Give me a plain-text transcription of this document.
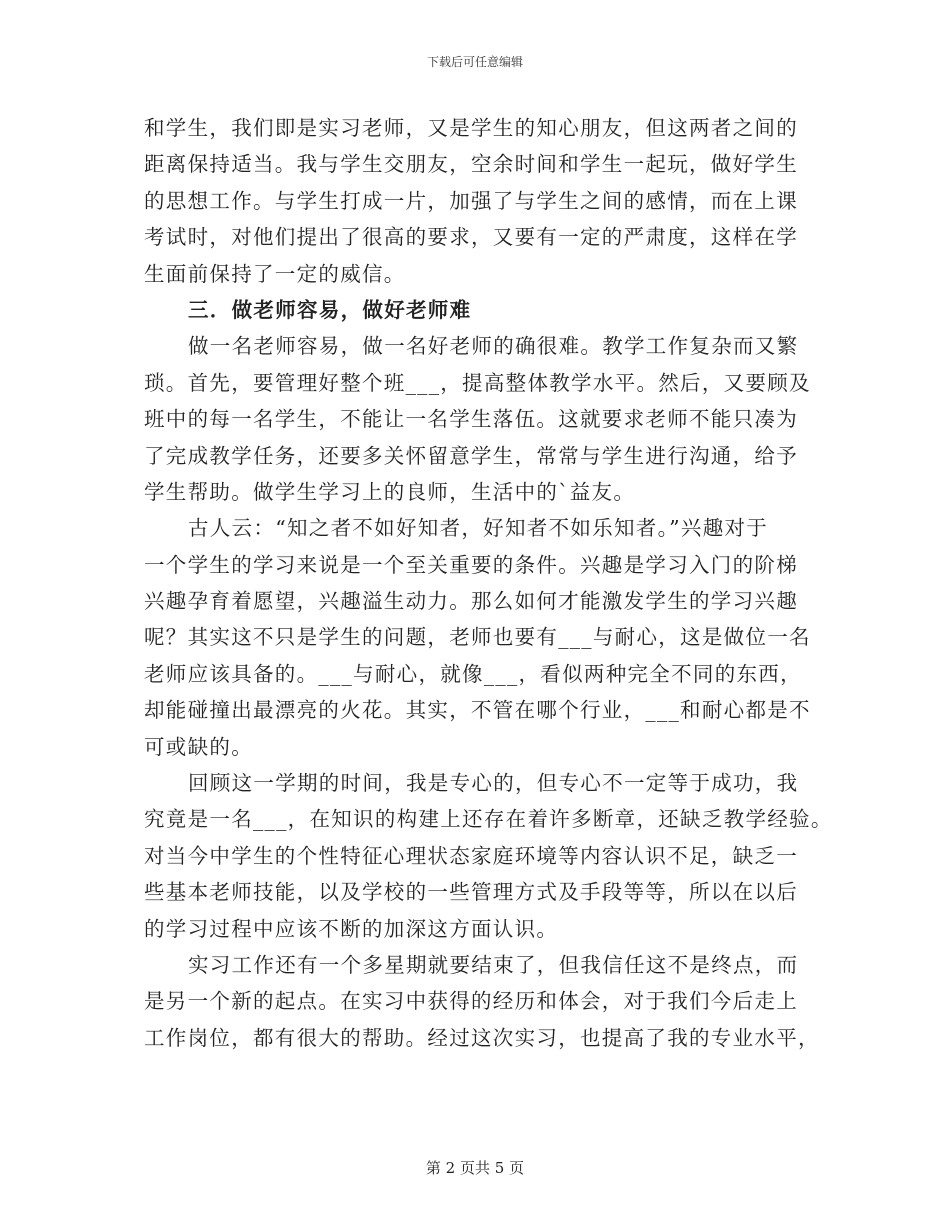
下载后可任意编辑
和学生，我们即是实习老师，又是学生的知心朋友，但这两者之间的
距离保持适当。我与学生交朋友，空余时间和学生一起玩，做好学生
的思想工作。与学生打成一片，加强了与学生之间的感情，而在上课
考试时，对他们提出了很高的要求，又要有一定的严肃度，这样在学
生面前保持了一定的威信。
三．做老师容易，做好老师难
做一名老师容易，做一名好老师的确很难。教学工作复杂而又繁
琐。首先，要管理好整个班___，提高整体教学水平。然后，又要顾及
班中的每一名学生，不能让一名学生落伍。这就要求老师不能只凑为
了完成教学任务，还要多关怀留意学生，常常与学生进行沟通，给予
学生帮助。做学生学习上的良师，生活中的`益友。
古人云：“知之者不如好知者，好知者不如乐知者。”兴趣对于
一个学生的学习来说是一个至关重要的条件。兴趣是学习入门的阶梯
兴趣孕育着愿望，兴趣溢生动力。那么如何才能激发学生的学习兴趣
呢？其实这不只是学生的问题，老师也要有___与耐心，这是做位一名
老师应该具备的。___与耐心，就像___，看似两种完全不同的东西，
却能碰撞出最漂亮的火花。其实，不管在哪个行业，___和耐心都是不
可或缺的。
回顾这一学期的时间，我是专心的，但专心不一定等于成功，我
究竟是一名___，在知识的构建上还存在着许多断章，还缺乏教学经验。
对当今中学生的个性特征心理状态家庭环境等内容认识不足，缺乏一
些基本老师技能，以及学校的一些管理方式及手段等等，所以在以后
的学习过程中应该不断的加深这方面认识。
实习工作还有一个多星期就要结束了，但我信任这不是终点，而
是另一个新的起点。在实习中获得的经历和体会，对于我们今后走上
工作岗位，都有很大的帮助。经过这次实习，也提高了我的专业水平，
第 2 页共 5 页
